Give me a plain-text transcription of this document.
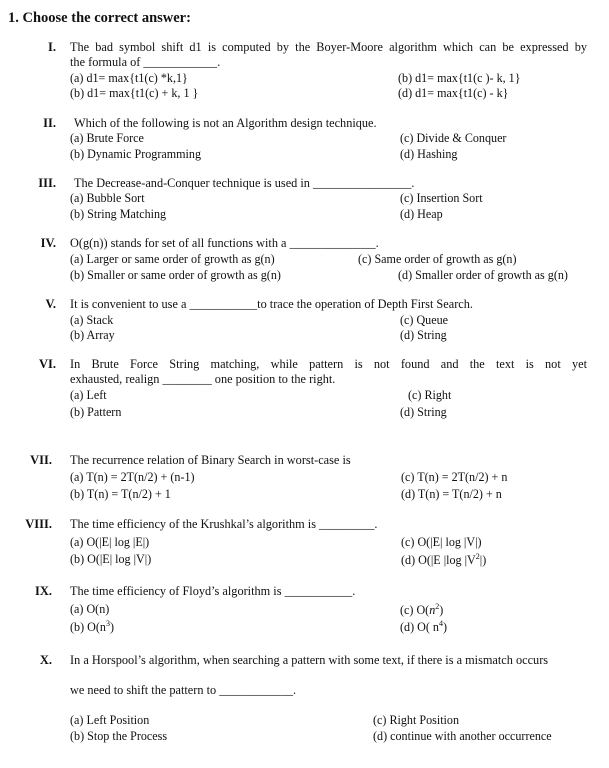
1. Choose the correct answer:
I. The bad symbol shift d1 is computed by the Boyer-Moore algorithm which can be expressed by
the formula of ____________.
(a) d1= max{t1(c) *k,1}
(b) d1= max{t1(c) + k, 1 }
(b) d1= max{t1(c )- k, 1}
(d) d1= max{t1(c) - k}
II. Which of the following is not an Algorithm design technique.
(a) Brute Force
(b) Dynamic Programming
(c) Divide & Conquer
(d) Hashing
III. The Decrease-and-Conquer technique is used in ________________.
(a) Bubble Sort
(b) String Matching
(c) Insertion Sort
(d) Heap
IV. O(g(n)) stands for set of all functions with a ______________.
(a) Larger or same order of growth as g(n)
(b) Smaller or same order of growth as g(n)
(c) Same order of growth as g(n)
(d) Smaller order of growth as g(n)
V. It is convenient to use a ___________to trace the operation of Depth First Search.
(a) Stack
(b) Array
(c) Queue
(d) String
VI. In Brute Force String matching, while pattern is not found and the text is not yet
exhausted, realign ________ one position to the right.
(a) Left
(b) Pattern
(c) Right
(d) String
VII. The recurrence relation of Binary Search in worst-case is
(a) T(n) = 2T(n/2) + (n-1)
(b) T(n) = T(n/2) + 1
(c) T(n) = 2T(n/2) + n
(d) T(n) = T(n/2) + n
VIII. The time efficiency of the Krushkal’s algorithm is _________.
(a) O(|E| log |E|)
(b) O(|E| log |V|)
(c) O(|E| log |V|)
(d) O(|E |log $|V^2|$)
IX. The time efficiency of Floyd’s algorithm is ___________.
(a) O(n)
(b) $O(n^3)$
(c) $O(n^2)$
(d) O( $n^4$)
X. In a Horspool’s algorithm, when searching a pattern with some text, if there is a mismatch occurs
we need to shift the pattern to ____________.
(a) Left Position
(b) Stop the Process
(c) Right Position
(d) continue with another occurrence
